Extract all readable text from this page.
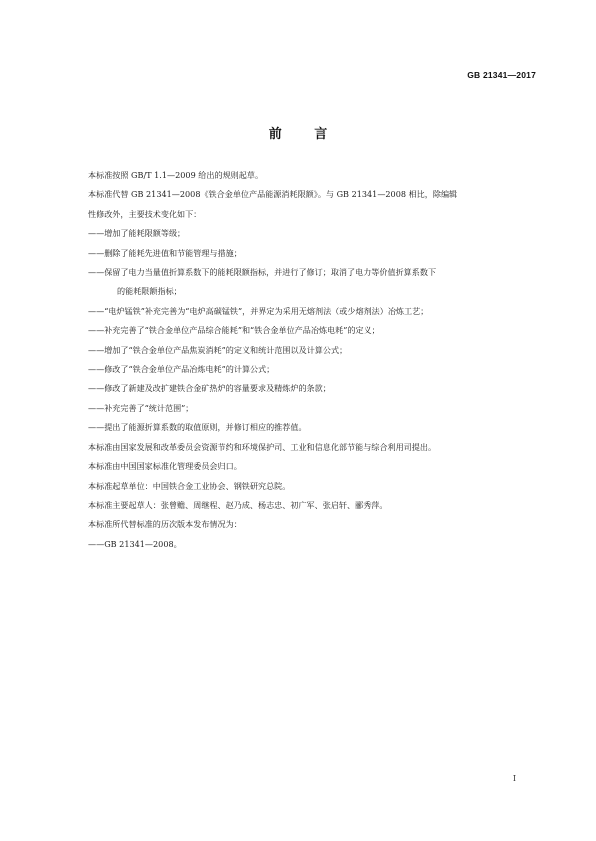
GB 21341—2017
前 言

本标准按照 GB/T 1.1—2009 给出的规则起草。

本标准代替 GB 21341—2008《铁合金单位产品能源消耗限额》。与 GB 21341—2008 相比，除编辑

性修改外，主要技术变化如下：

——增加了能耗限额等级；

——删除了能耗先进值和节能管理与措施；

——保留了电力当量值折算系数下的能耗限额指标，并进行了修订；取消了电力等价值折算系数下

的能耗限额指标；

——“电炉锰铁”补充完善为“电炉高碳锰铁”，并界定为采用无熔剂法（或少熔剂法）冶炼工艺；

——补充完善了“铁合金单位产品综合能耗”和“铁合金单位产品冶炼电耗”的定义；

——增加了“铁合金单位产品焦炭消耗”的定义和统计范围以及计算公式；

——修改了“铁合金单位产品冶炼电耗”的计算公式；

——修改了新建及改扩建铁合金矿热炉的容量要求及精炼炉的条款；

——补充完善了“统计范围”；

——提出了能源折算系数的取值原则，并修订相应的推荐值。

本标准由国家发展和改革委员会资源节约和环境保护司、工业和信息化部节能与综合利用司提出。

本标准由中国国家标准化管理委员会归口。

本标准起草单位：中国铁合金工业协会、钢铁研究总院。

本标准主要起草人：张曾赡、周继程、赵乃成、杨志忠、初广军、张启轩、郦秀萍。

本标准所代替标准的历次版本发布情况为：

——GB 21341—2008。

I
